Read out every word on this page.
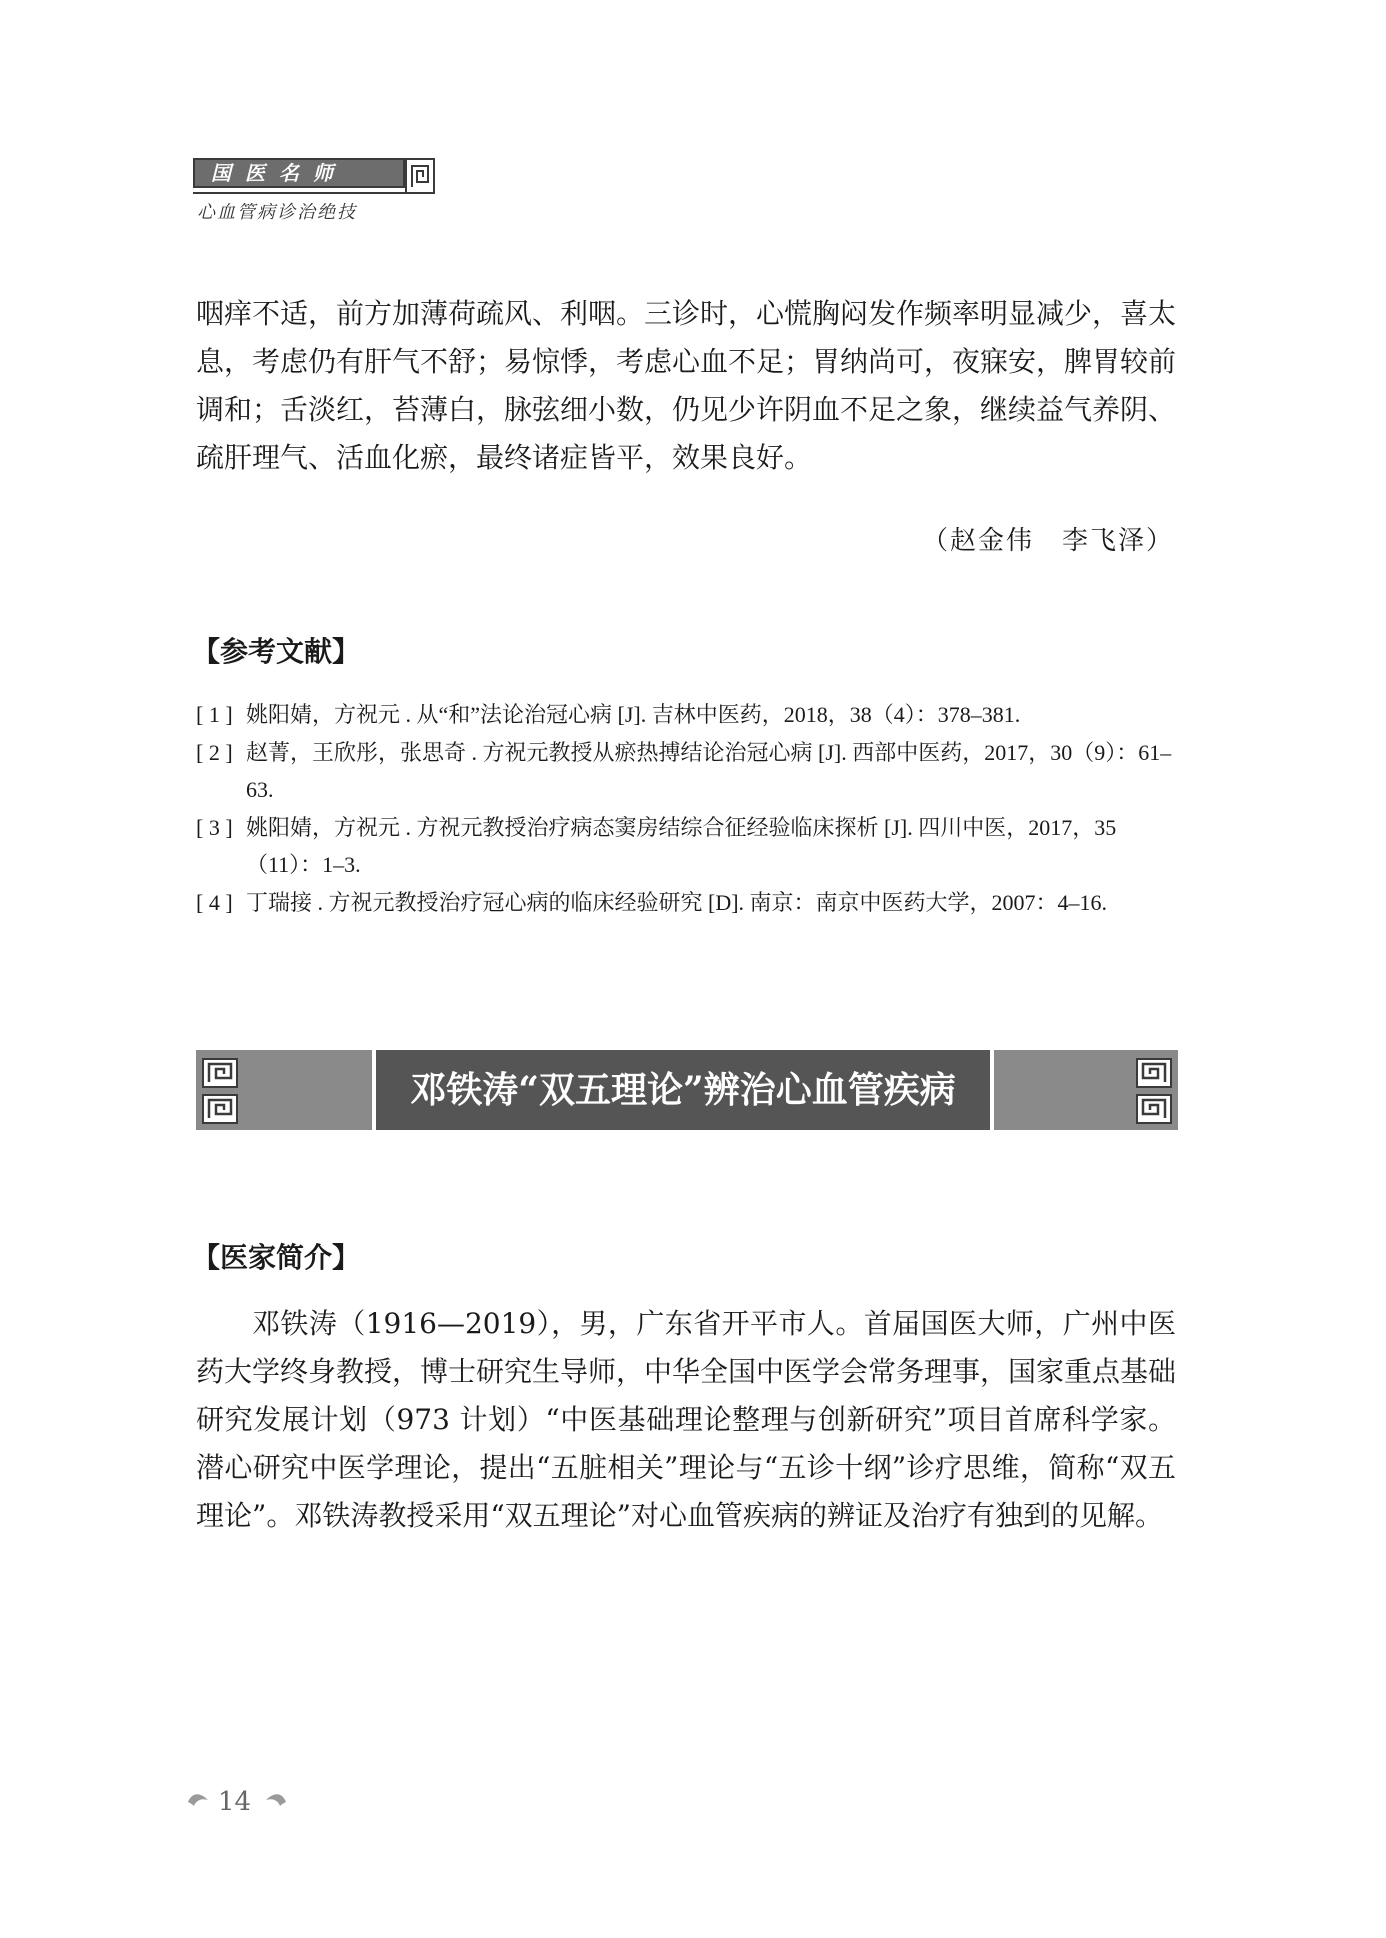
国医名师
心血管病诊治绝技

咽痒不适，前方加薄荷疏风、利咽。三诊时，心慌胸闷发作频率明显减少，喜太息，考虑仍有肝气不舒；易惊悸，考虑心血不足；胃纳尚可，夜寐安，脾胃较前调和；舌淡红，苔薄白，脉弦细小数，仍见少许阴血不足之象，继续益气养阴、疏肝理气、活血化瘀，最终诸症皆平，效果良好。

（赵金伟　李飞泽）
【参考文献】

[ 1 ] 姚阳婧，方祝元 . 从“和”法论治冠心病 [J]. 吉林中医药，2018，38（4）：378–381.

[ 2 ] 赵菁，王欣彤，张思奇 . 方祝元教授从瘀热搏结论治冠心病 [J]. 西部中医药，2017，30（9）：61–63.

[ 3 ] 姚阳婧，方祝元 . 方祝元教授治疗病态窦房结综合征经验临床探析 [J]. 四川中医，2017，35（11）：1–3.

[ 4 ] 丁瑞接 . 方祝元教授治疗冠心病的临床经验研究 [D]. 南京：南京中医药大学，2007：4–16.

邓铁涛“双五理论”辨治心血管疾病
【医家简介】

邓铁涛（1916—2019），男，广东省开平市人。首届国医大师，广州中医药大学终身教授，博士研究生导师，中华全国中医学会常务理事，国家重点基础研究发展计划（973 计划）“中医基础理论整理与创新研究”项目首席科学家。潜心研究中医学理论，提出“五脏相关”理论与“五诊十纲”诊疗思维，简称“双五理论”。邓铁涛教授采用“双五理论”对心血管疾病的辨证及治疗有独到的见解。

14
